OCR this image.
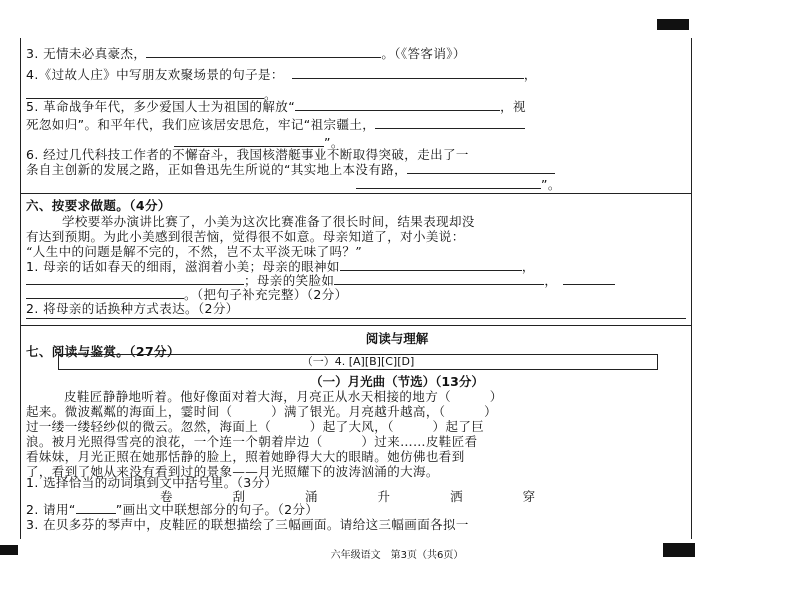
3. 无情未必真豪杰，	。（《答客诮》）
4.《过故人庄》中写朋友欢聚场景的句子是：	，
。
5. 革命战争年代，多少爱国人士为祖国的解放“	，视
死忽如归”。和平年代，我们应该居安思危，牢记“祖宗疆土，
”。
6. 经过几代科技工作者的不懈奋斗，我国核潜艇事业不断取得突破，走出了一
条自主创新的发展之路，正如鲁迅先生所说的“其实地上本没有路，
”。
六、按要求做题。（4分）
学校要举办演讲比赛了，小美为这次比赛准备了很长时间，结果表现却没
有达到预期。为此小美感到很苦恼，觉得很不如意。母亲知道了，对小美说：
“人生中的问题是解不完的，不然，岂不太平淡无味了吗？”
1. 母亲的话如春天的细雨，滋润着小美；母亲的眼神如	，
；母亲的笑脸如	，
。（把句子补充完整）（2分）
2. 将母亲的话换种方式表达。（2分）
阅读与理解
七、阅读与鉴赏。（27分）
（一）4. [A][B][C][D]
（一）月光曲（节选）（13分）
皮鞋匠静静地听着。他好像面对着大海，月亮正从水天相接的地方（　　　）
起来。微波粼粼的海面上，霎时间（　　　）满了银光。月亮越升越高，（　　　）
过一缕一缕轻纱似的微云。忽然，海面上（　　　）起了大风，（　　　）起了巨
浪。被月光照得雪亮的浪花，一个连一个朝着岸边（　　　）过来……皮鞋匠看
看妹妹，月光正照在她那恬静的脸上，照着她睁得大大的眼睛。她仿佛也看到
了，看到了她从来没有看到过的景象——月光照耀下的波涛汹涌的大海。
1. 选择恰当的动词填到文中括号里。（3分）
卷	刮	涌	升	洒	穿
2. 请用“	”画出文中联想部分的句子。（2分）
3. 在贝多芬的琴声中，皮鞋匠的联想描绘了三幅画面。请给这三幅画面各拟一
六年级语文　第3页（共6页）
